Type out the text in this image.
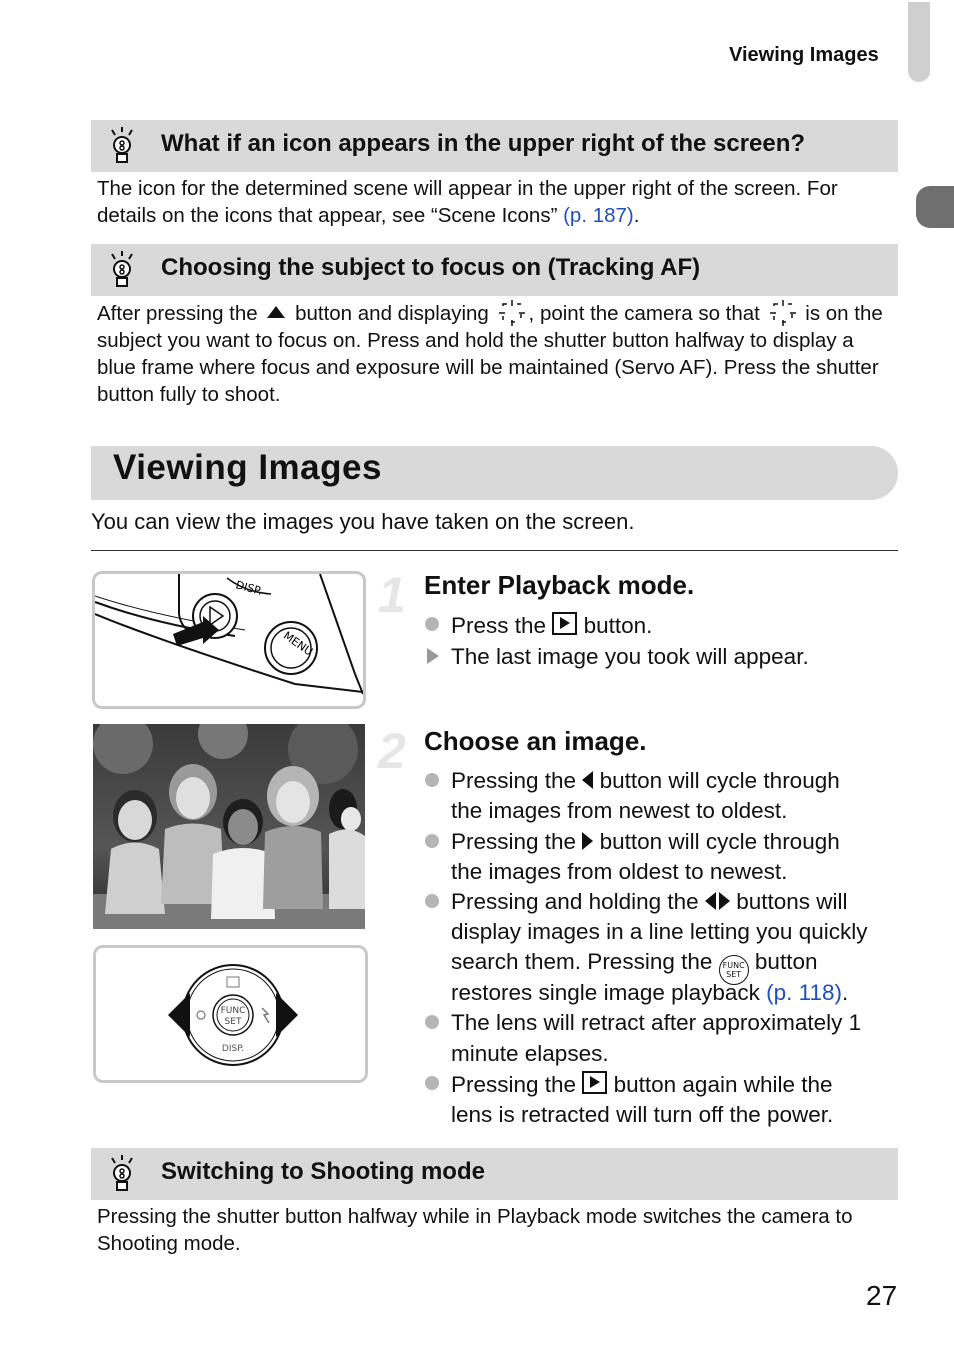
Viewing Images
What if an icon appears in the upper right of the screen?
The icon for the determined scene will appear in the upper right of the screen. For details on the icons that appear, see “Scene Icons” (p. 187).
Choosing the subject to focus on (Tracking AF)
After pressing the button and displaying , point the camera so that is on the subject you want to focus on. Press and hold the shutter button halfway to display a blue frame where focus and exposure will be maintained (Servo AF). Press the shutter button fully to shoot.
Viewing Images
You can view the images you have taken on the screen.
DISP.
MENU
1 Enter Playback mode.
Press the button.
The last image you took will appear.
FUNC
SET
DISP.
2 Choose an image.
Pressing the button will cycle through
the images from newest to oldest.
Pressing the button will cycle through
the images from oldest to newest.
Pressing and holding the buttons will
display images in a line letting you quickly
search them. Pressing the FUNC
SET button
restores single image playback (p. 118).
The lens will retract after approximately 1
minute elapses.
Pressing the button again while the
lens is retracted will turn off the power.
Switching to Shooting mode
Pressing the shutter button halfway while in Playback mode switches the camera to Shooting mode.
27
